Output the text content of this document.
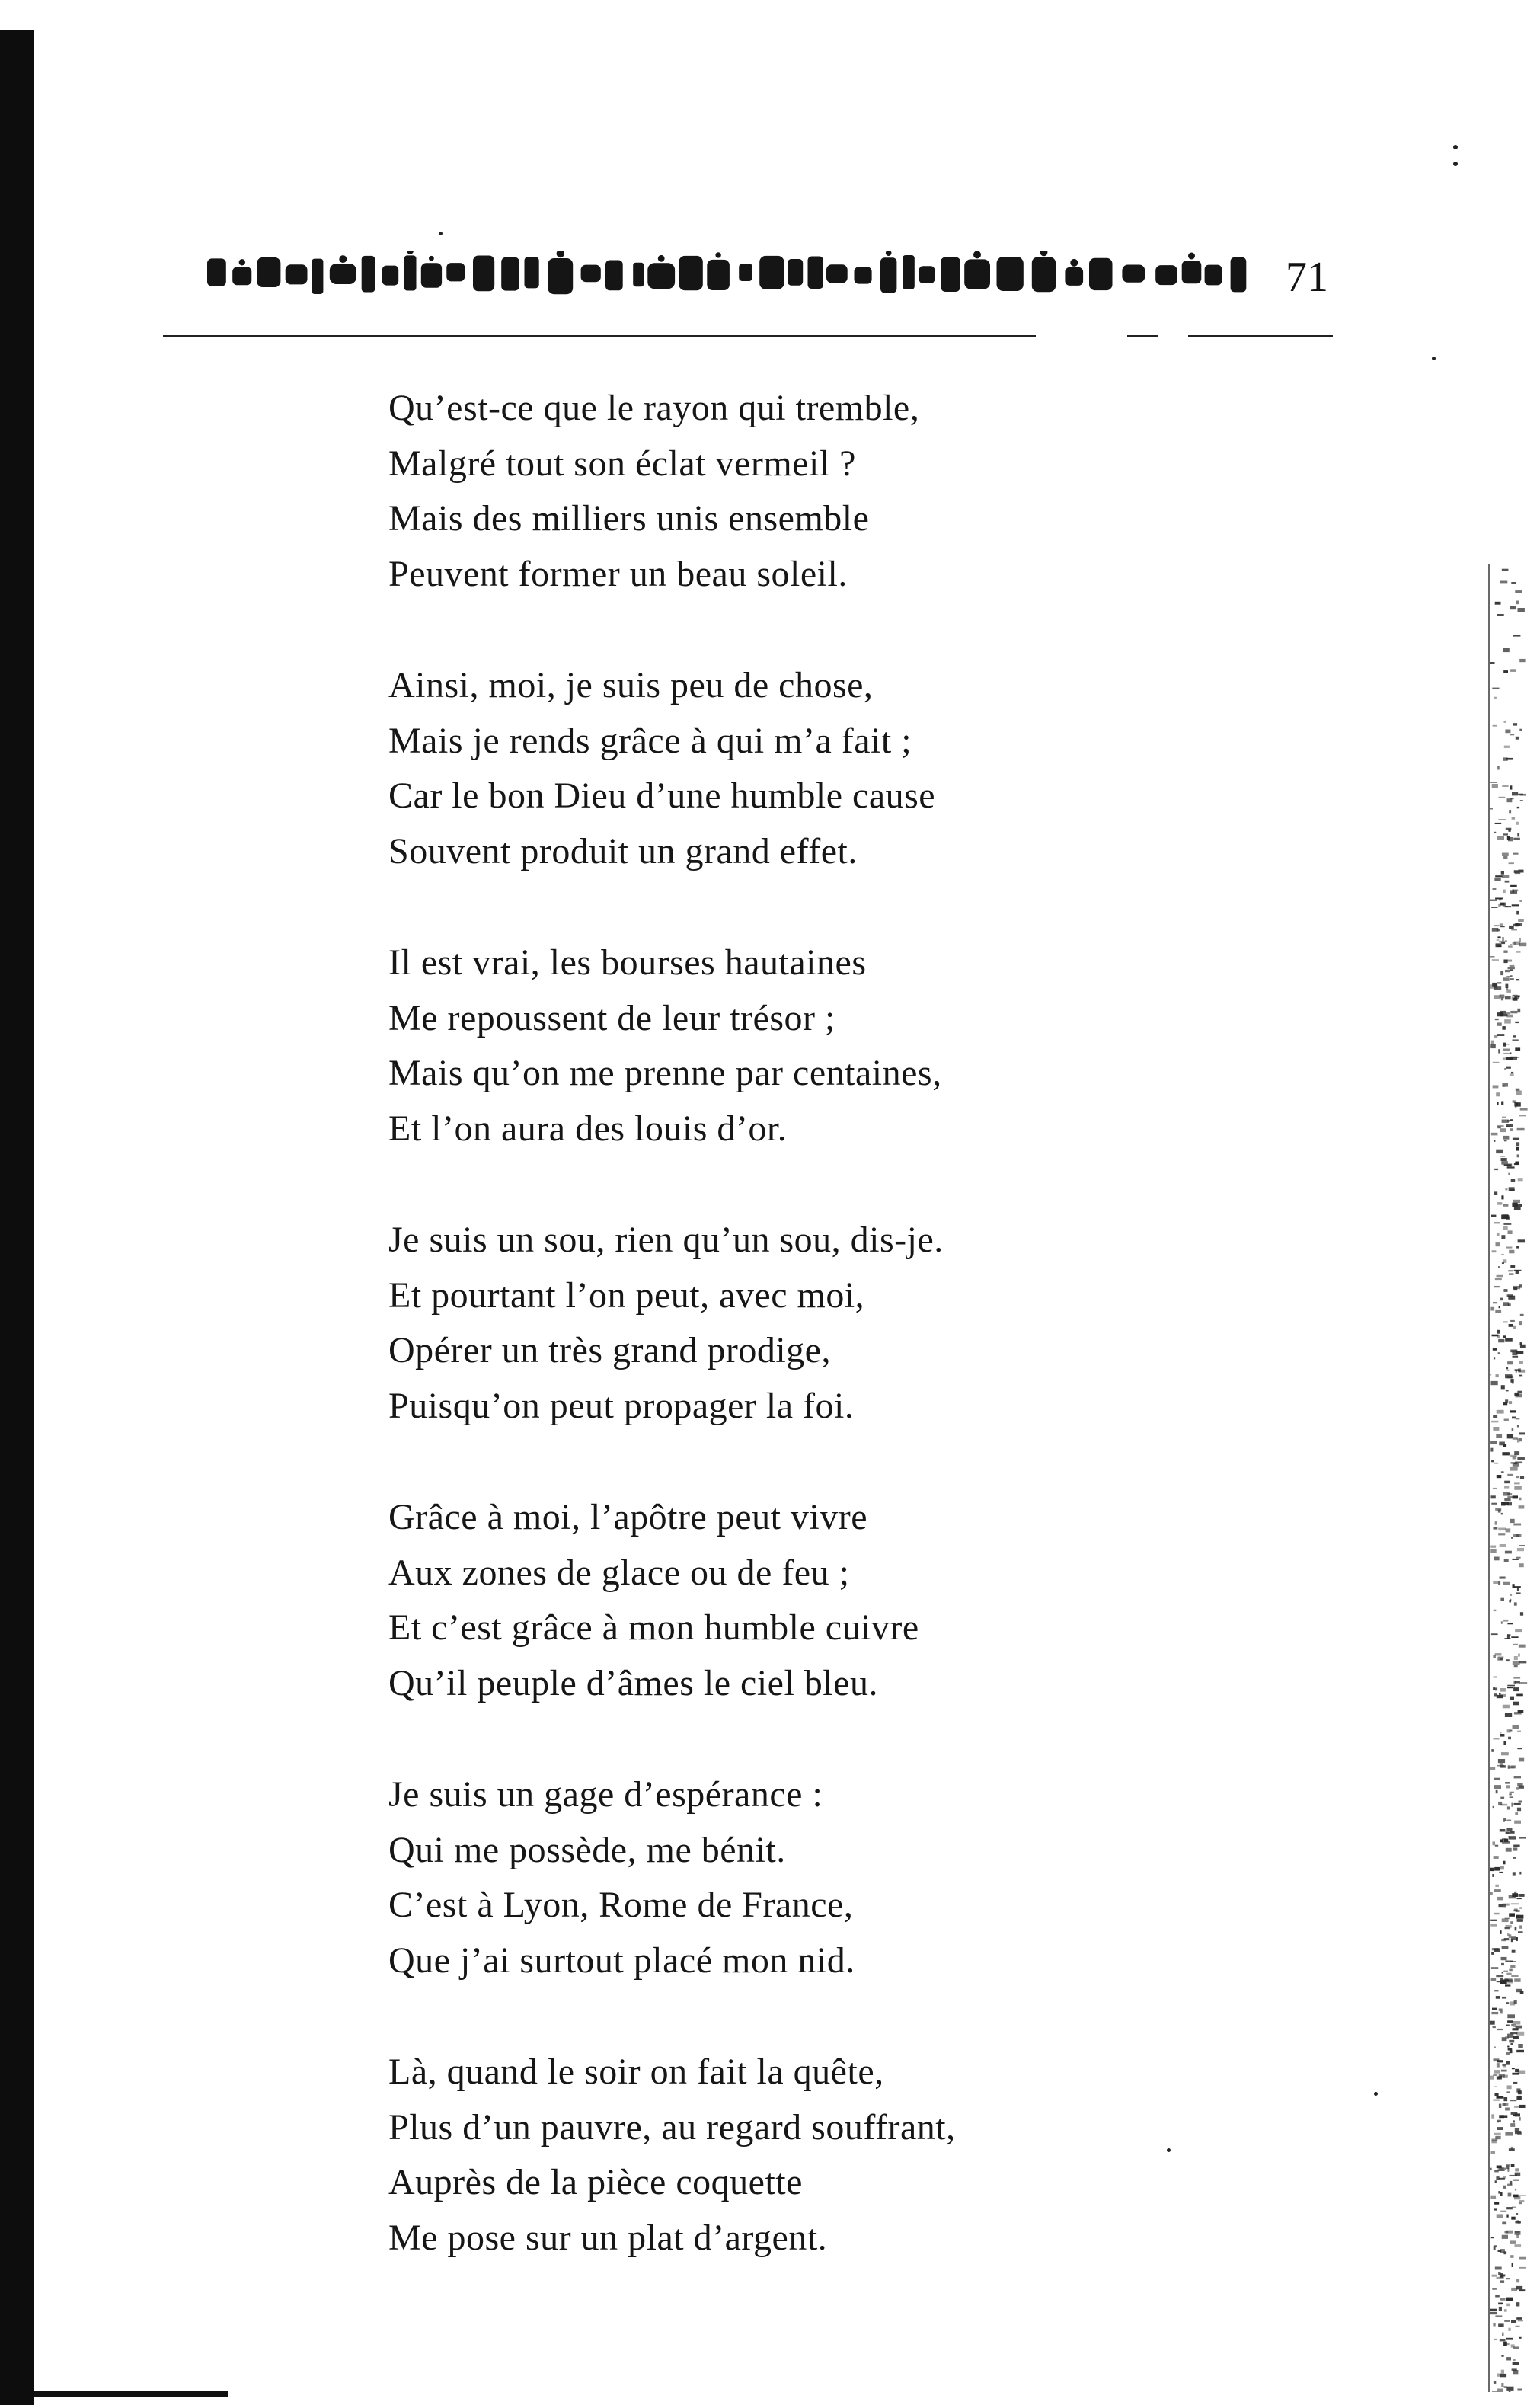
71
Qu’est-ce que le rayon qui tremble,
Malgré tout son éclat vermeil ?
Mais des milliers unis ensemble
Peuvent former un beau soleil.
Ainsi, moi, je suis peu de chose,
Mais je rends grâce à qui m’a fait ;
Car le bon Dieu d’une humble cause
Souvent produit un grand effet.
Il est vrai, les bourses hautaines
Me repoussent de leur trésor ;
Mais qu’on me prenne par centaines,
Et l’on aura des louis d’or.
Je suis un sou, rien qu’un sou, dis-je.
Et pourtant l’on peut, avec moi,
Opérer un très grand prodige,
Puisqu’on peut propager la foi.
Grâce à moi, l’apôtre peut vivre
Aux zones de glace ou de feu ;
Et c’est grâce à mon humble cuivre
Qu’il peuple d’âmes le ciel bleu.
Je suis un gage d’espérance :
Qui me possède, me bénit.
C’est à Lyon, Rome de France,
Que j’ai surtout placé mon nid.
Là, quand le soir on fait la quête,
Plus d’un pauvre, au regard souffrant,
Auprès de la pièce coquette
Me pose sur un plat d’argent.
